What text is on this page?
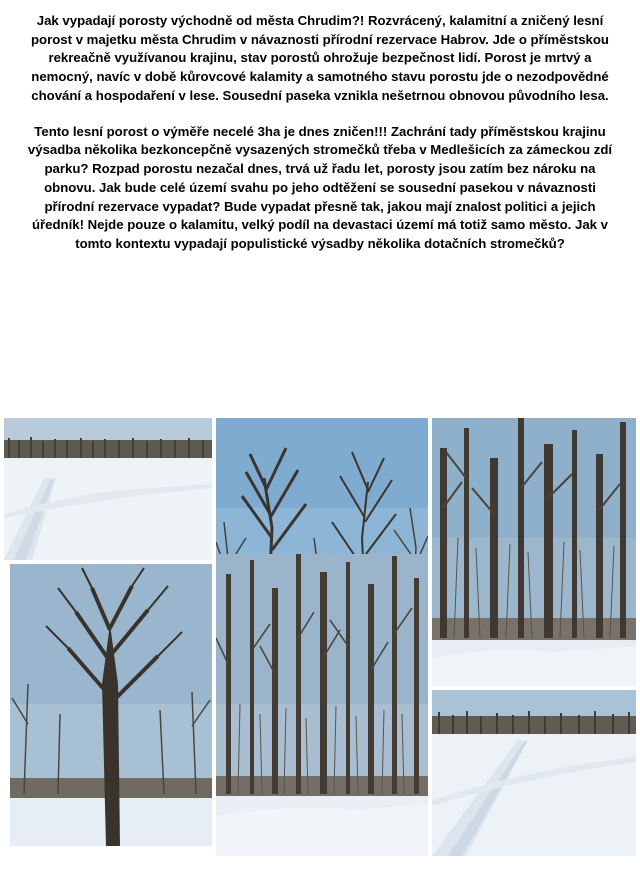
Jak vypadají porosty východně od města Chrudim?! Rozvrácený, kalamitní a zničený lesní porost v majetku města Chrudim v návaznosti přírodní rezervace Habrov. Jde o příměstskou rekreačně využívanou krajinu, stav porostů ohrožuje bezpečnost lidí. Porost je mrtvý a nemocný, navíc v době kůrovcové kalamity a samotného stavu porostu jde o nezodpovědné chování a hospodaření v lese. Sousední paseka vznikla nešetrnou obnovou původního lesa.

Tento lesní porost o výměře necelé 3ha je dnes zničen!!! Zachrání tady příměstskou krajinu výsadba několika bezkoncepčně vysazených stromečků třeba v Medlešicích za zámeckou zdí parku? Rozpad porostu nezačal dnes, trvá už řadu let, porosty jsou zatím bez nároku na obnovu. Jak bude celé území svahu po jeho odtěžení se sousední pasekou v návaznosti přírodní rezervace vypadat? Bude vypadat přesně tak, jakou mají znalost politici a jejich úředník! Nejde pouze o kalamitu, velký podíl na devastaci území má totiž samo město. Jak v tomto kontextu vypadají populistické výsadby několika dotačních stromečků?
